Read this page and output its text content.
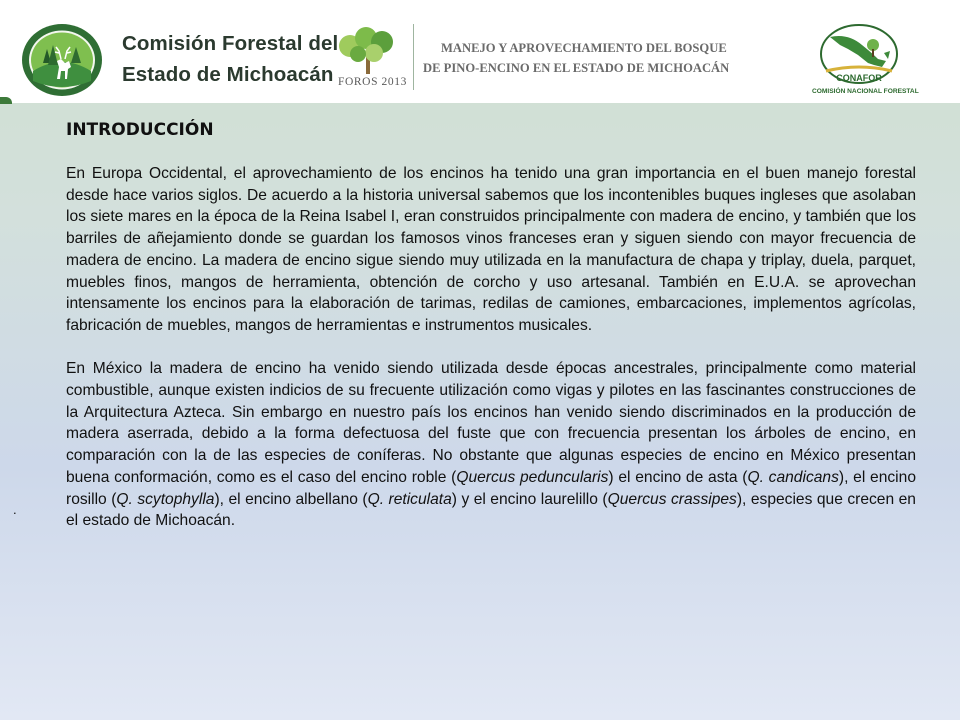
Comisión Forestal del
Estado de Michoacán FOROS 2013
MANEJO Y APROVECHAMIENTO DEL BOSQUE
DE PINO-ENCINO EN EL ESTADO DE MICHOACÁN
CONAFOR
COMISIÓN NACIONAL FORESTAL
.
INTRODUCCIÓN

En Europa Occidental, el aprovechamiento de los encinos ha tenido una gran importancia en el buen manejo forestal desde hace varios siglos. De acuerdo a la historia universal sabemos que los incontenibles buques ingleses que asolaban los siete mares en la época de la Reina Isabel I, eran construidos principalmente con madera de encino, y también que los barriles de añejamiento donde se guardan los famosos vinos franceses eran y siguen siendo con mayor frecuencia de madera de encino. La madera de encino sigue siendo muy utilizada en la manufactura de chapa y triplay, duela, parquet, muebles finos, mangos de herramienta, obtención de corcho y uso artesanal. También en E.U.A. se aprovechan intensamente los encinos para la elaboración de tarimas, redilas de camiones, embarcaciones, implementos agrícolas, fabricación de muebles, mangos de herramientas e instrumentos musicales.

En México la madera de encino ha venido siendo utilizada desde épocas ancestrales, principalmente como material combustible, aunque existen indicios de su frecuente utilización como vigas y pilotes en las fascinantes construcciones de la Arquitectura Azteca. Sin embargo en nuestro país los encinos han venido siendo discriminados en la producción de madera aserrada, debido a la forma defectuosa del fuste que con frecuencia presentan los árboles de encino, en comparación con la de las especies de coníferas. No obstante que algunas especies de encino en México presentan buena conformación, como es el caso del encino roble (Quercus peduncularis) el encino de asta (Q. candicans), el encino rosillo (Q. scytophylla), el encino albellano (Q. reticulata) y el encino laurelillo (Quercus crassipes), especies que crecen en el estado de Michoacán.
